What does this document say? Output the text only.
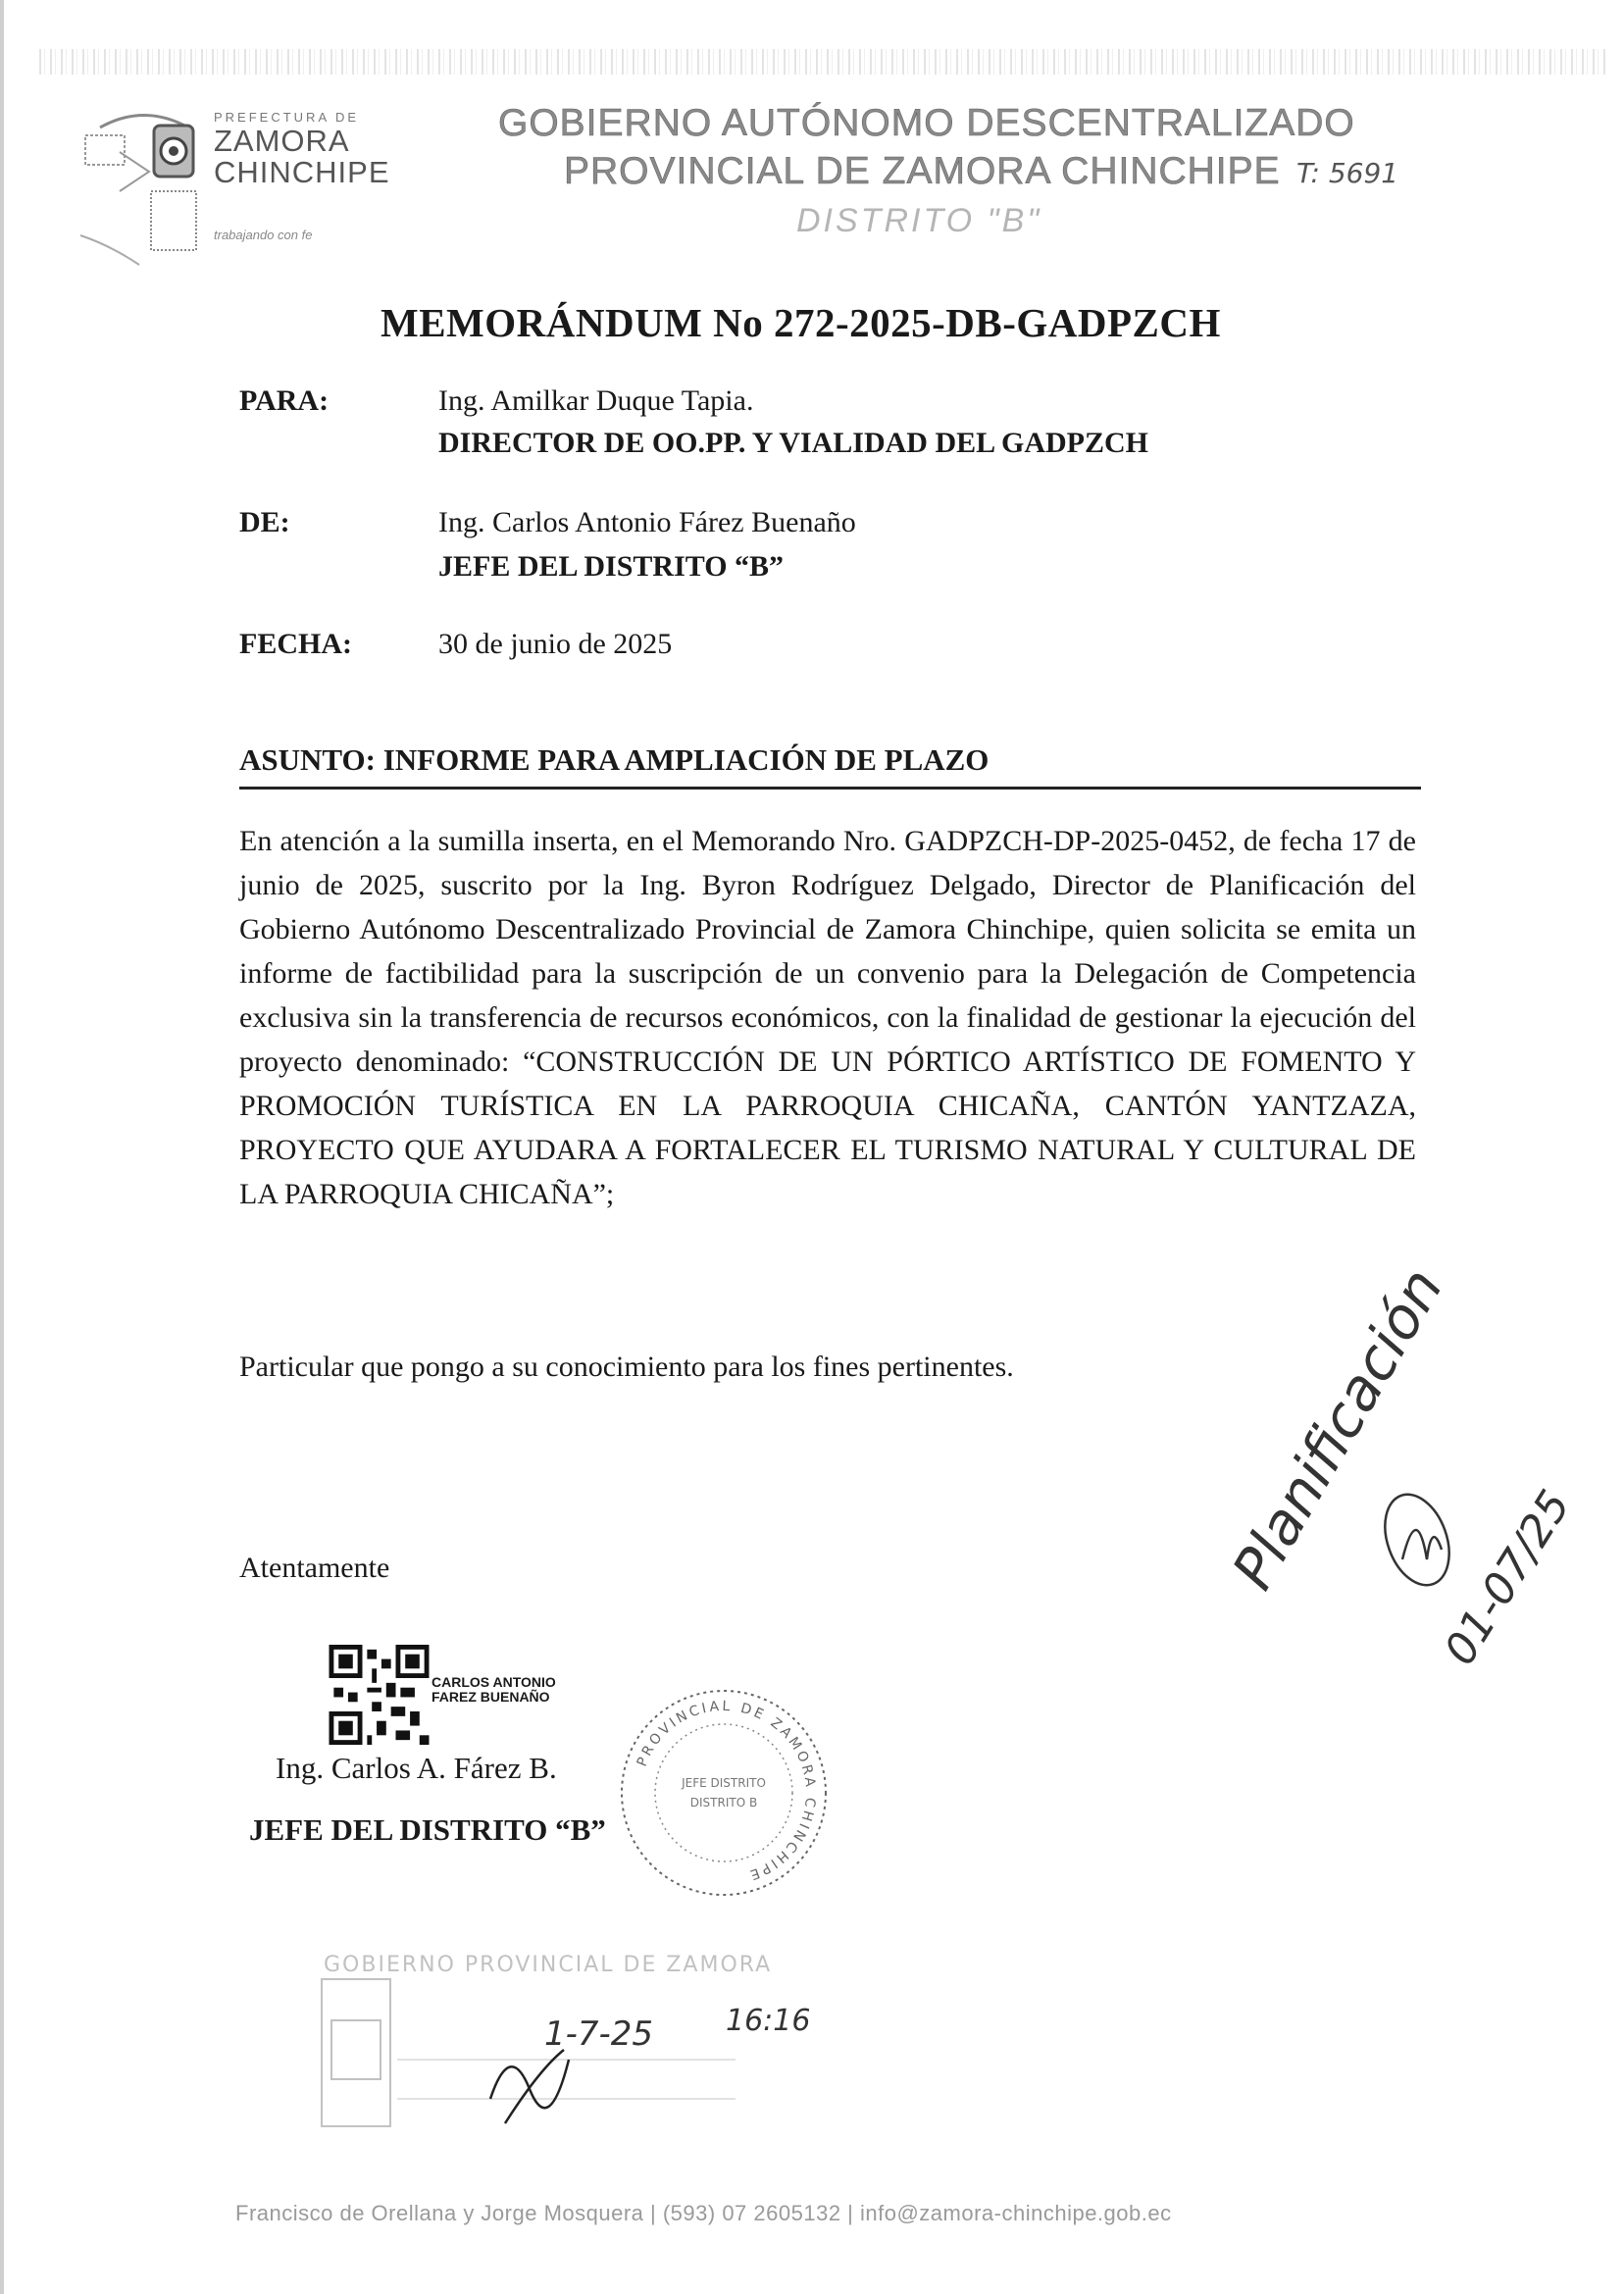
PREFECTURA DE
ZAMORA
CHINCHIPE
trabajando con fe
GOBIERNO AUTÓNOMO DESCENTRALIZADO
PROVINCIAL DE ZAMORA CHINCHIPE T: 5691
DISTRITO "B"
MEMORÁNDUM No 272-2025-DB-GADPZCH
PARA:	Ing. Amilkar Duque Tapia.
DIRECTOR DE OO.PP. Y VIALIDAD DEL GADPZCH
DE:	Ing. Carlos Antonio Fárez Buenaño
JEFE DEL DISTRITO “B”
FECHA:	30 de junio de 2025
ASUNTO: INFORME PARA AMPLIACIÓN DE PLAZO
En atención a la sumilla inserta, en el Memorando Nro. GADPZCH-DP-2025-0452, de fecha 17 de junio de 2025, suscrito por la Ing. Byron Rodríguez Delgado, Director de Planificación del Gobierno Autónomo Descentralizado Provincial de Zamora Chinchipe, quien solicita se emita un informe de factibilidad para la suscripción de un convenio para la Delegación de Competencia exclusiva sin la transferencia de recursos económicos, con la finalidad de gestionar la ejecución del proyecto denominado: “CONSTRUCCIÓN DE UN PÓRTICO ARTÍSTICO DE FOMENTO Y PROMOCIÓN TURÍSTICA EN LA PARROQUIA CHICAÑA, CANTÓN YANTZAZA, PROYECTO QUE AYUDARA A FORTALECER EL TURISMO NATURAL Y CULTURAL DE LA PARROQUIA CHICAÑA”;
Particular que pongo a su conocimiento para los fines pertinentes.
Atentamente
CARLOS ANTONIO
FAREZ BUENAÑO
Ing. Carlos A. Fárez B.
JEFE DEL DISTRITO “B”
PROVINCIAL DE ZAMORA CHINCHIPE
JEFE DISTRITO
DISTRITO B
GOBIERNO PROVINCIAL DE ZAMORA
1-7-25 16:16
Planificación
01-07/25
Francisco de Orellana y Jorge Mosquera | (593) 07 2605132 | info@zamora-chinchipe.gob.ec
